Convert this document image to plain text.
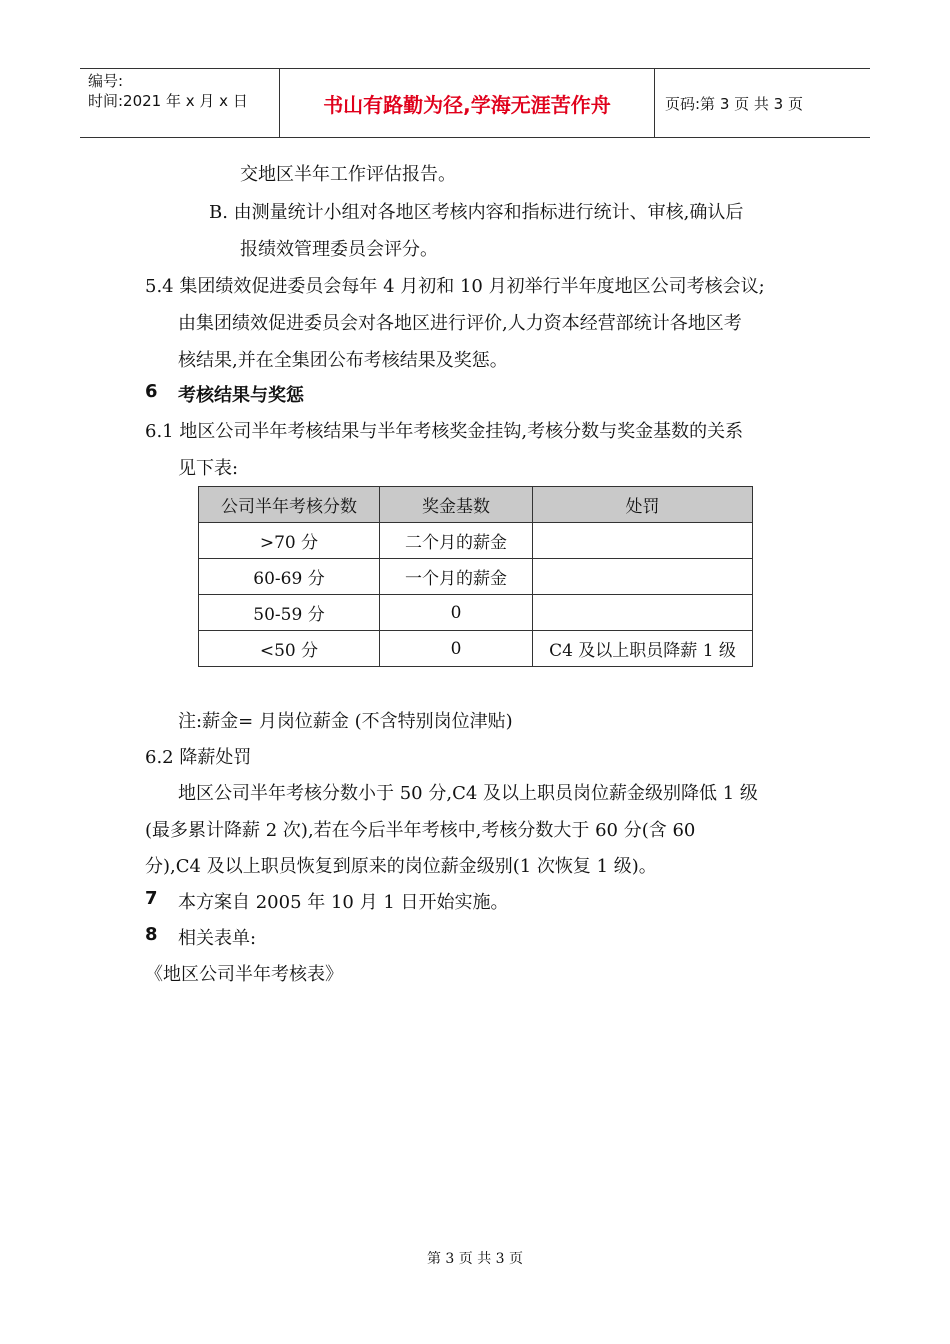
编号:
时间:2021 年 x 月 x 日	书山有路勤为径,学海无涯苦作舟	页码:第 3 页 共 3 页
交地区半年工作评估报告。
B. 由测量统计小组对各地区考核内容和指标进行统计、审核,确认后
报绩效管理委员会评分。
5.4 集团绩效促进委员会每年 4 月初和 10 月初举行半年度地区公司考核会议;
由集团绩效促进委员会对各地区进行评价,人力资本经营部统计各地区考
核结果,并在全集团公布考核结果及奖惩。
6 考核结果与奖惩
6.1 地区公司半年考核结果与半年考核奖金挂钩,考核分数与奖金基数的关系
见下表:
公司半年考核分数	奖金基数	处罚
>70 分	二个月的薪金	
60-69 分	一个月的薪金	
50-59 分	0	
<50 分	0	C4 及以上职员降薪 1 级
注:薪金= 月岗位薪金 (不含特别岗位津贴)
6.2 降薪处罚
地区公司半年考核分数小于 50 分,C4 及以上职员岗位薪金级别降低 1 级
(最多累计降薪 2 次),若在今后半年考核中,考核分数大于 60 分(含 60
分),C4 及以上职员恢复到原来的岗位薪金级别(1 次恢复 1 级)。
7 本方案自 2005 年 10 月 1 日开始实施。
8 相关表单:
《地区公司半年考核表》
第 3 页 共 3 页
